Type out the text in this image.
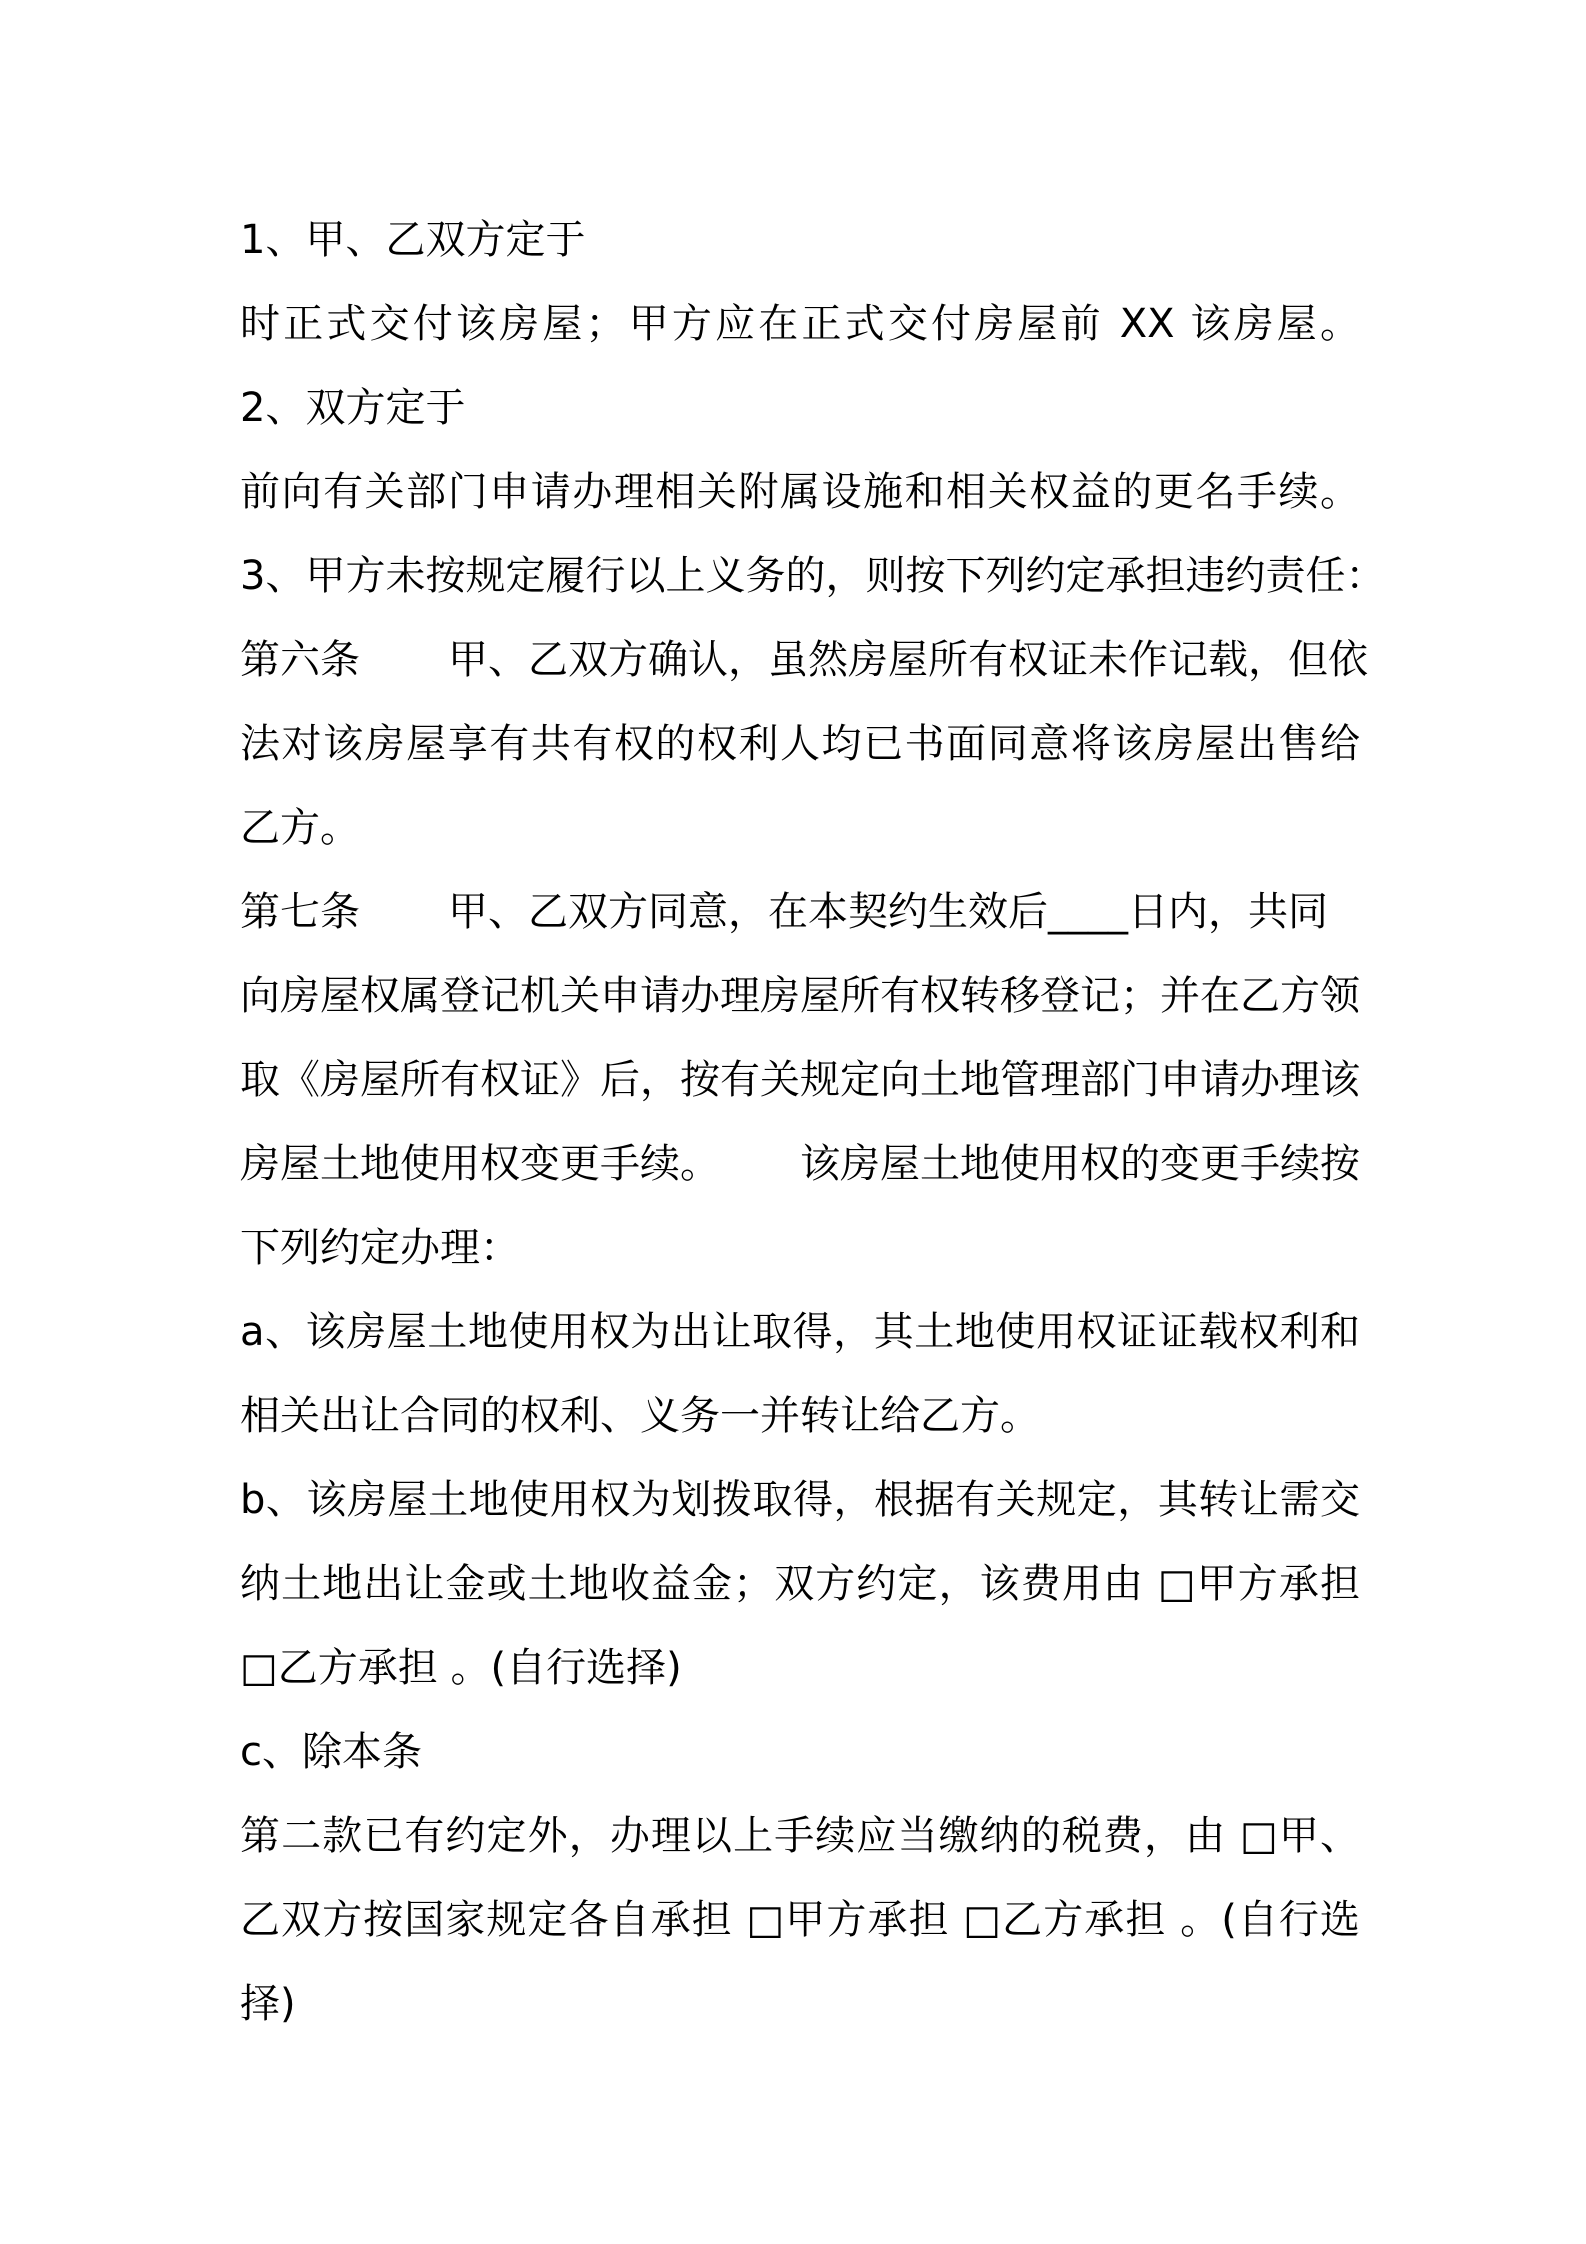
1、甲、乙双方定于
时正式交付该房屋；甲方应在正式交付房屋前 XX 该房屋。
2、双方定于
前向有关部门申请办理相关附属设施和相关权益的更名手续。
3、甲方未按规定履行以上义务的，则按下列约定承担违约责任：
第六条 甲、乙双方确认，虽然房屋所有权证未作记载，但依
法对该房屋享有共有权的权利人均已书面同意将该房屋出售给
乙方。
第七条 甲、乙双方同意，在本契约生效后____日内，共同
向房屋权属登记机关申请办理房屋所有权转移登记；并在乙方领
取《房屋所有权证》后，按有关规定向土地管理部门申请办理该
房屋土地使用权变更手续。 该房屋土地使用权的变更手续按
下列约定办理：
a、该房屋土地使用权为出让取得，其土地使用权证证载权利和
相关出让合同的权利、义务一并转让给乙方。
b、该房屋土地使用权为划拨取得，根据有关规定，其转让需交
纳土地出让金或土地收益金；双方约定，该费用由 □甲方承担
□乙方承担 。(自行选择)
c、除本条
第二款已有约定外，办理以上手续应当缴纳的税费，由 □甲、
乙双方按国家规定各自承担 □甲方承担 □乙方承担 。(自行选
择)
